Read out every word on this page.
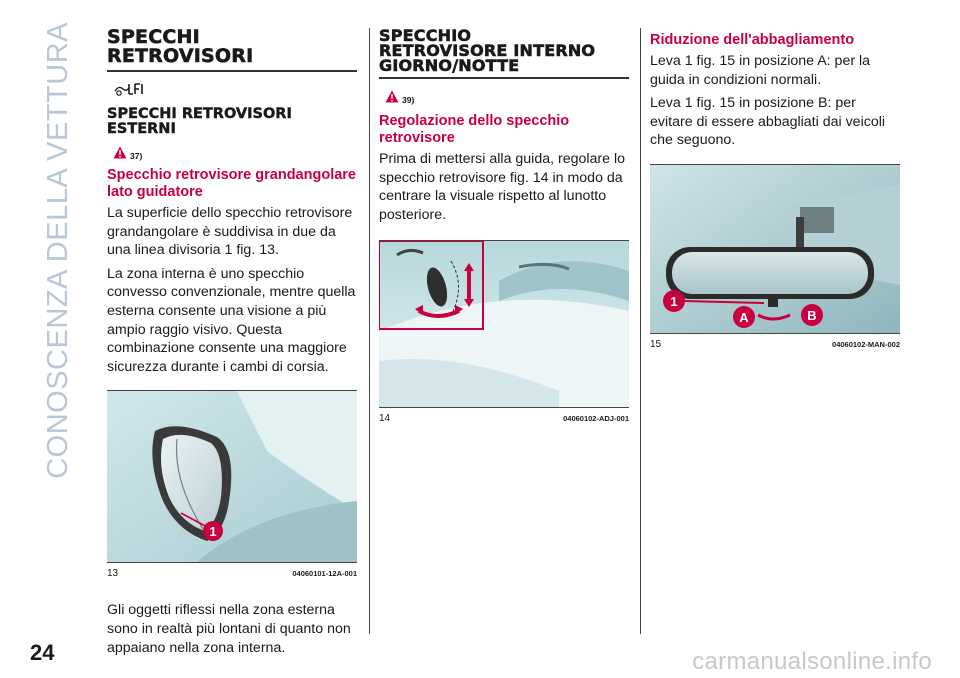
CONOSCENZA DELLA VETTURA SPECCHI
RETROVISORI
SPECCHI RETROVISORI
ESTERNI
37)
Specchio retrovisore grandangolare lato guidatore

La superficie dello specchio retrovisore grandangolare è suddivisa in due da una linea divisoria 1 fig. 13.

La zona interna è uno specchio convesso convenzionale, mentre quella esterna consente una visione a più ampio raggio visivo. Questa combinazione consente una maggiore sicurezza durante i cambi di corsia.

1
13	04060101-12A-001

Gli oggetti riflessi nella zona esterna sono in realtà più lontani di quanto non appaiano nella zona interna.

SPECCHIO
RETROVISORE INTERNO
GIORNO/NOTTE
39)
Regolazione dello specchio retrovisore

Prima di mettersi alla guida, regolare lo specchio retrovisore fig. 14 in modo da centrare la visuale rispetto al lunotto posteriore.

14	04060102-ADJ-001
Riduzione dell'abbagliamento

Leva 1 fig. 15 in posizione A: per la guida in condizioni normali.

Leva 1 fig. 15 in posizione B: per evitare di essere abbagliati dai veicoli che seguono.

1
A	B
15	04060102-MAN-002
24	carmanualsonline.info
